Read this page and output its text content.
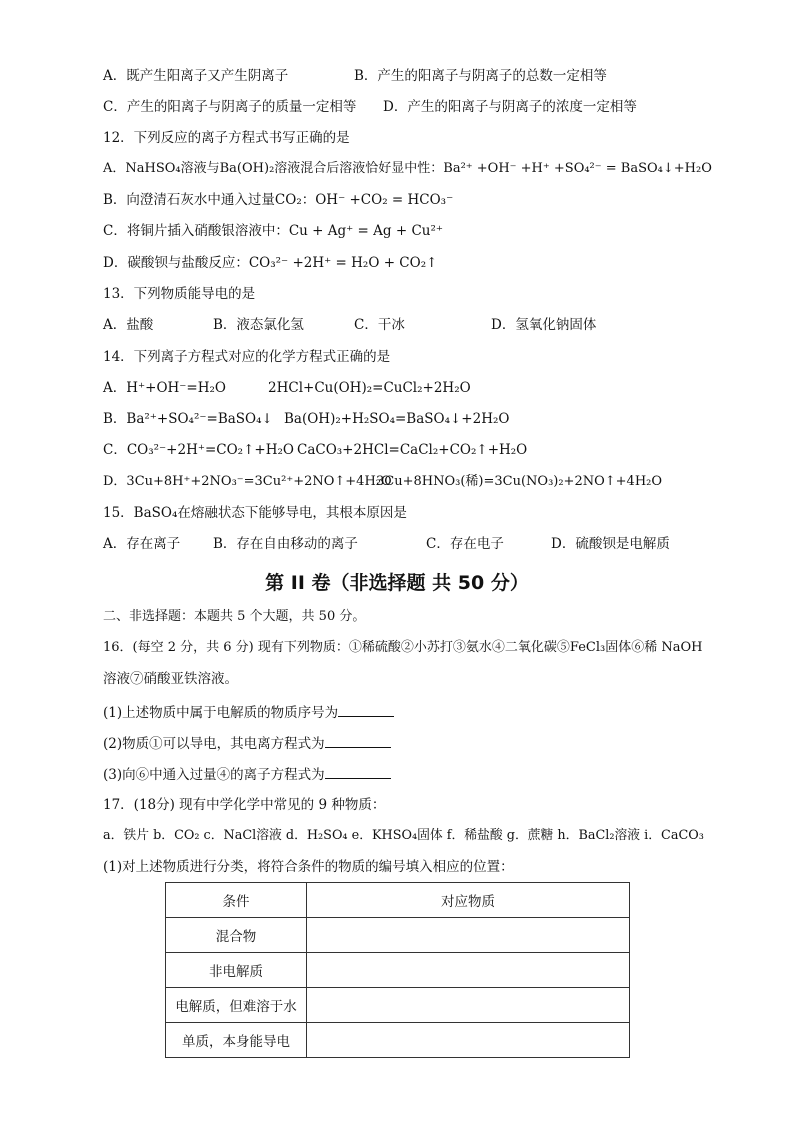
A．既产生阳离子又产生阴离子	B．产生的阳离子与阴离子的总数一定相等
C．产生的阳离子与阴离子的质量一定相等 D．产生的阳离子与阴离子的浓度一定相等
12．下列反应的离子方程式书写正确的是
A．NaHSO₄溶液与Ba(OH)₂溶液混合后溶液恰好显中性：Ba²⁺ +OH⁻ +H⁺ +SO₄²⁻ = BaSO₄↓+H₂O
B．向澄清石灰水中通入过量CO₂：OH⁻ +CO₂ = HCO₃⁻
C．将铜片插入硝酸银溶液中：Cu + Ag⁺ = Ag + Cu²⁺
D．碳酸钡与盐酸反应：CO₃²⁻ +2H⁺ = H₂O + CO₂↑
13．下列物质能导电的是
A．盐酸	B．液态氯化氢	C．干冰	D．氢氧化钠固体
14．下列离子方程式对应的化学方程式正确的是
A．H⁺+OH⁻=H₂O	2HCl+Cu(OH)₂=CuCl₂+2H₂O
B．Ba²⁺+SO₄²⁻=BaSO₄↓ Ba(OH)₂+H₂SO₄=BaSO₄↓+2H₂O
C．CO₃²⁻+2H⁺=CO₂↑+H₂O CaCO₃+2HCl=CaCl₂+CO₂↑+H₂O
D．3Cu+8H⁺+2NO₃⁻=3Cu²⁺+2NO↑+4H₂O
3Cu+8HNO₃(稀)=3Cu(NO₃)₂+2NO↑+4H₂O
15．BaSO₄在熔融状态下能够导电，其根本原因是
A．存在离子 B．存在自由移动的离子	C．存在电子	D．硫酸钡是电解质
第 II 卷（非选择题 共 50 分）
二、非选择题：本题共 5 个大题，共 50 分。
16．(每空 2 分，共 6 分) 现有下列物质：①稀硫酸②小苏打③氨水④二氧化碳⑤FeCl₃固体⑥稀 NaOH
溶液⑦硝酸亚铁溶液。
(1)上述物质中属于电解质的物质序号为
(2)物质①可以导电，其电离方程式为
(3)向⑥中通入过量④的离子方程式为
17．(18分) 现有中学化学中常见的 9 种物质：
a．铁片 b．CO₂ c．NaCl溶液 d．H₂SO₄ e．KHSO₄固体 f．稀盐酸 g．蔗糖 h．BaCl₂溶液 i．CaCO₃
(1)对上述物质进行分类，将符合条件的物质的编号填入相应的位置：
条件	对应物质
混合物	
非电解质	
电解质，但难溶于水	
单质，本身能导电	
